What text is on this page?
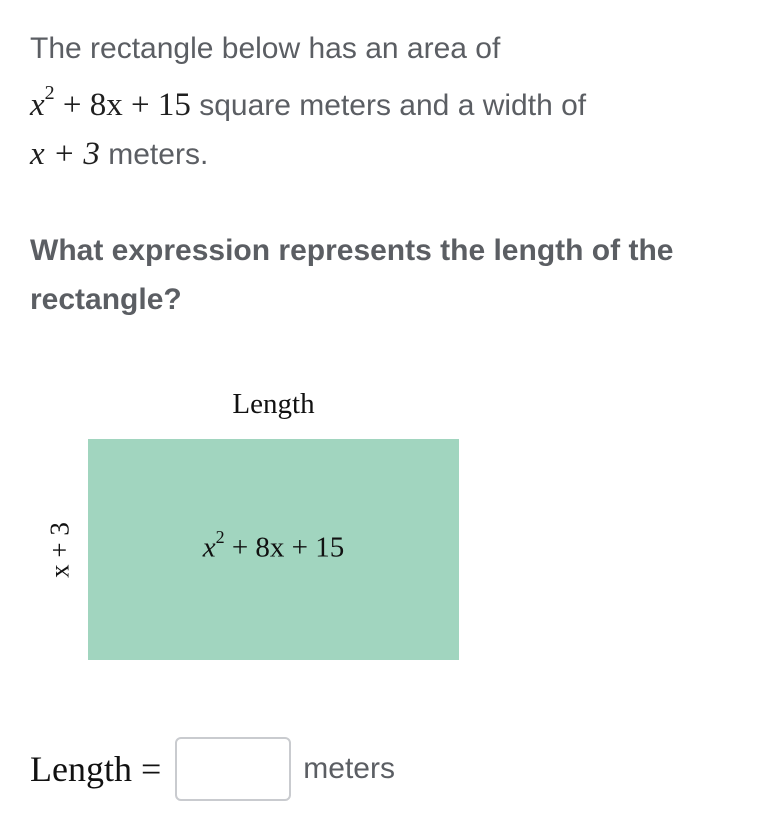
The rectangle below has an area of
$x^2 + 8x + 15$ square meters and a width of
x + 3 meters.
What expression represents the length of the rectangle?
Length
$x^2 + 8x + 15$
x + 3
Length =	meters
